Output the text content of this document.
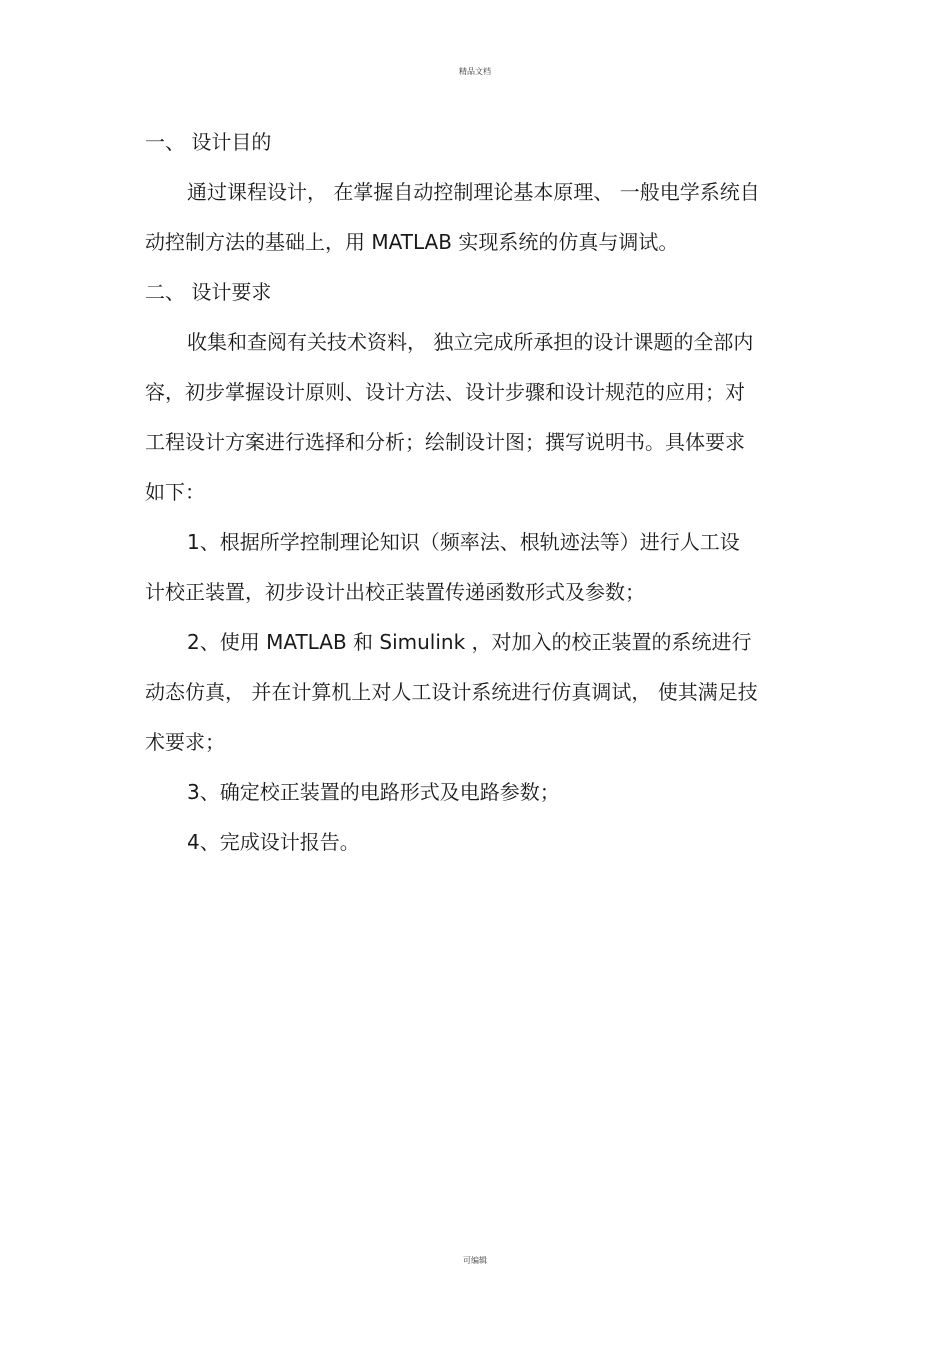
精品文档
一、 设计目的
通过课程设计， 在掌握自动控制理论基本原理、 一般电学系统自
动控制方法的基础上，用 MATLAB 实现系统的仿真与调试。
二、 设计要求
收集和查阅有关技术资料， 独立完成所承担的设计课题的全部内
容，初步掌握设计原则、设计方法、设计步骤和设计规范的应用；对
工程设计方案进行选择和分析；绘制设计图；撰写说明书。具体要求
如下：
1、根据所学控制理论知识（频率法、根轨迹法等）进行人工设
计校正装置，初步设计出校正装置传递函数形式及参数；
2、使用 MATLAB 和 Simulink ，对加入的校正装置的系统进行
动态仿真， 并在计算机上对人工设计系统进行仿真调试， 使其满足技
术要求；
3、确定校正装置的电路形式及电路参数；
4、完成设计报告。
可编辑
